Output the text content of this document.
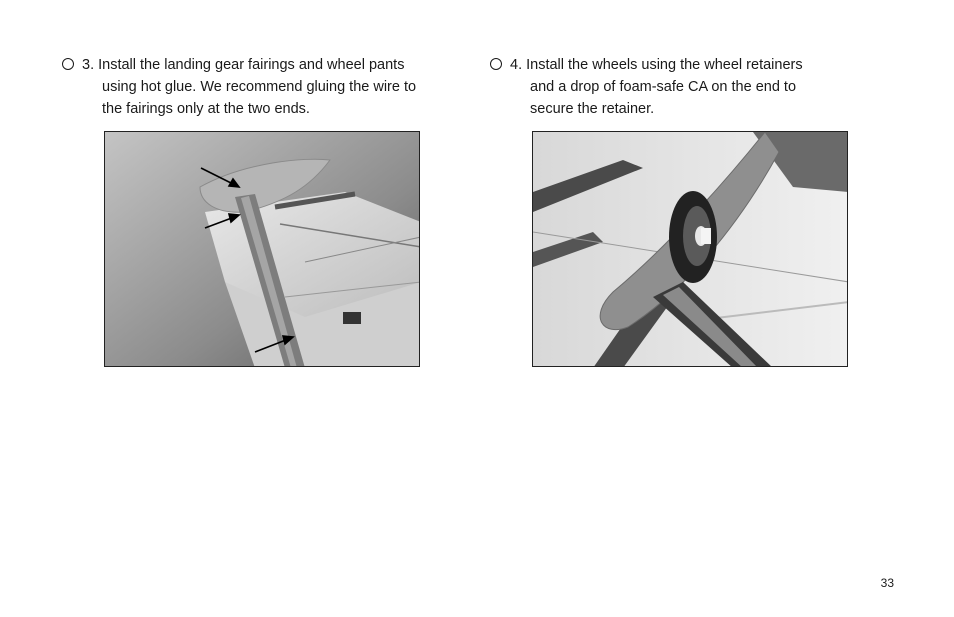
3. Install the landing gear fairings and wheel pants
using hot glue. We recommend gluing the wire to
the fairings only at the two ends.
4. Install the wheels using the wheel retainers
and a drop of foam-safe CA on the end to
secure the retainer.
33
